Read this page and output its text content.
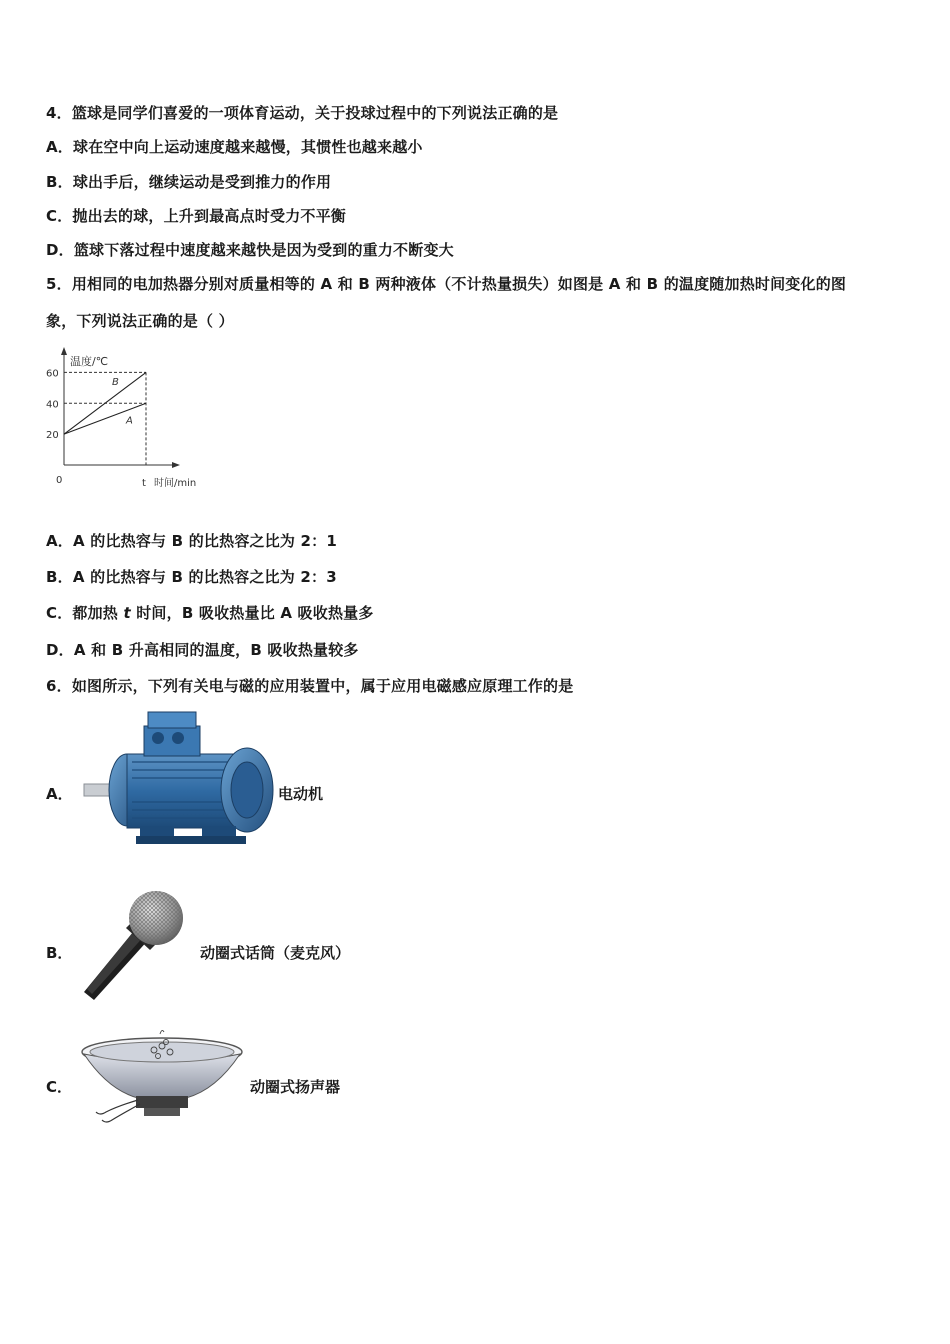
4．篮球是同学们喜爱的一项体育运动，关于投球过程中的下列说法正确的是
A．球在空中向上运动速度越来越慢，其惯性也越来越小
B．球出手后，继续运动是受到推力的作用
C．抛出去的球，上升到最高点时受力不平衡
D．篮球下落过程中速度越来越快是因为受到的重力不断变大
5．用相同的电加热器分别对质量相等的 A 和 B 两种液体（不计热量损失）如图是 A 和 B 的温度随加热时间变化的图
象，下列说法正确的是（ ）
温度/℃
时间/min
0
20
40
60
t
A
B
A．A 的比热容与 B 的比热容之比为 2：1
B．A 的比热容与 B 的比热容之比为 2：3
C．都加热 t 时间，B 吸收热量比 A 吸收热量多
D．A 和 B 升高相同的温度，B 吸收热量较多
6．如图所示，下列有关电与磁的应用装置中，属于应用电磁感应原理工作的是
A．	电动机
B．	动圈式话筒（麦克风）
C．	动圈式扬声器
